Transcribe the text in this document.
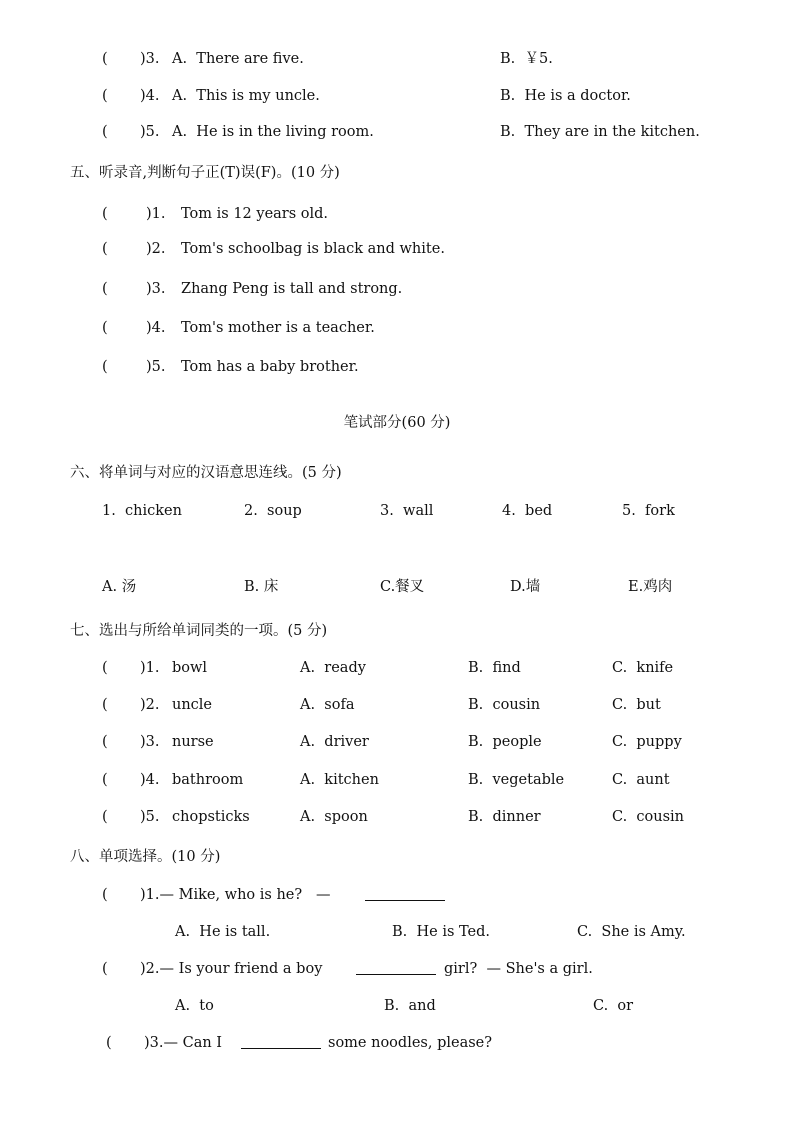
( )3. A.  There are five.	B.  ￥5.
( )4. A.  This is my uncle.	B.  He is a doctor.
( )5. A.  He is in the living room.	B.  They are in the kitchen.
五、听录音,判断句子正(T)误(F)。(10 分)
(	)1. Tom is 12 years old.
(	)2. Tom's schoolbag is black and white.
(	)3. Zhang Peng is tall and strong.
(	)4. Tom's mother is a teacher.
(	)5. Tom has a baby brother.
笔试部分(60 分)
六、将单词与对应的汉语意思连线。(5 分)
1.  chicken	2.  soup	3.  wall	4.  bed	5.  fork
A. 汤	B. 床	C.餐叉	D.墙	E.鸡肉
七、选出与所给单词同类的一项。(5 分)
( )1. bowl	A.  ready	B.  find	C.  knife
( )2. uncle	A.  sofa	B.  cousin	C.  but
( )3. nurse	A.  driver	B.  people	C.  puppy
( )4. bathroom	A.  kitchen	B.  vegetable	C.  aunt
( )5. chopsticks	A.  spoon	B.  dinner	C.  cousin
八、单项选择。(10 分)
( )1.— Mike, who is he?   —
A.  He is tall.	B.  He is Ted.	C.  She is Amy.
( )2.— Is your friend a boy	girl?  — She's a girl.
A.  to	B.  and	C.  or
( )3.— Can I	some noodles, please?
